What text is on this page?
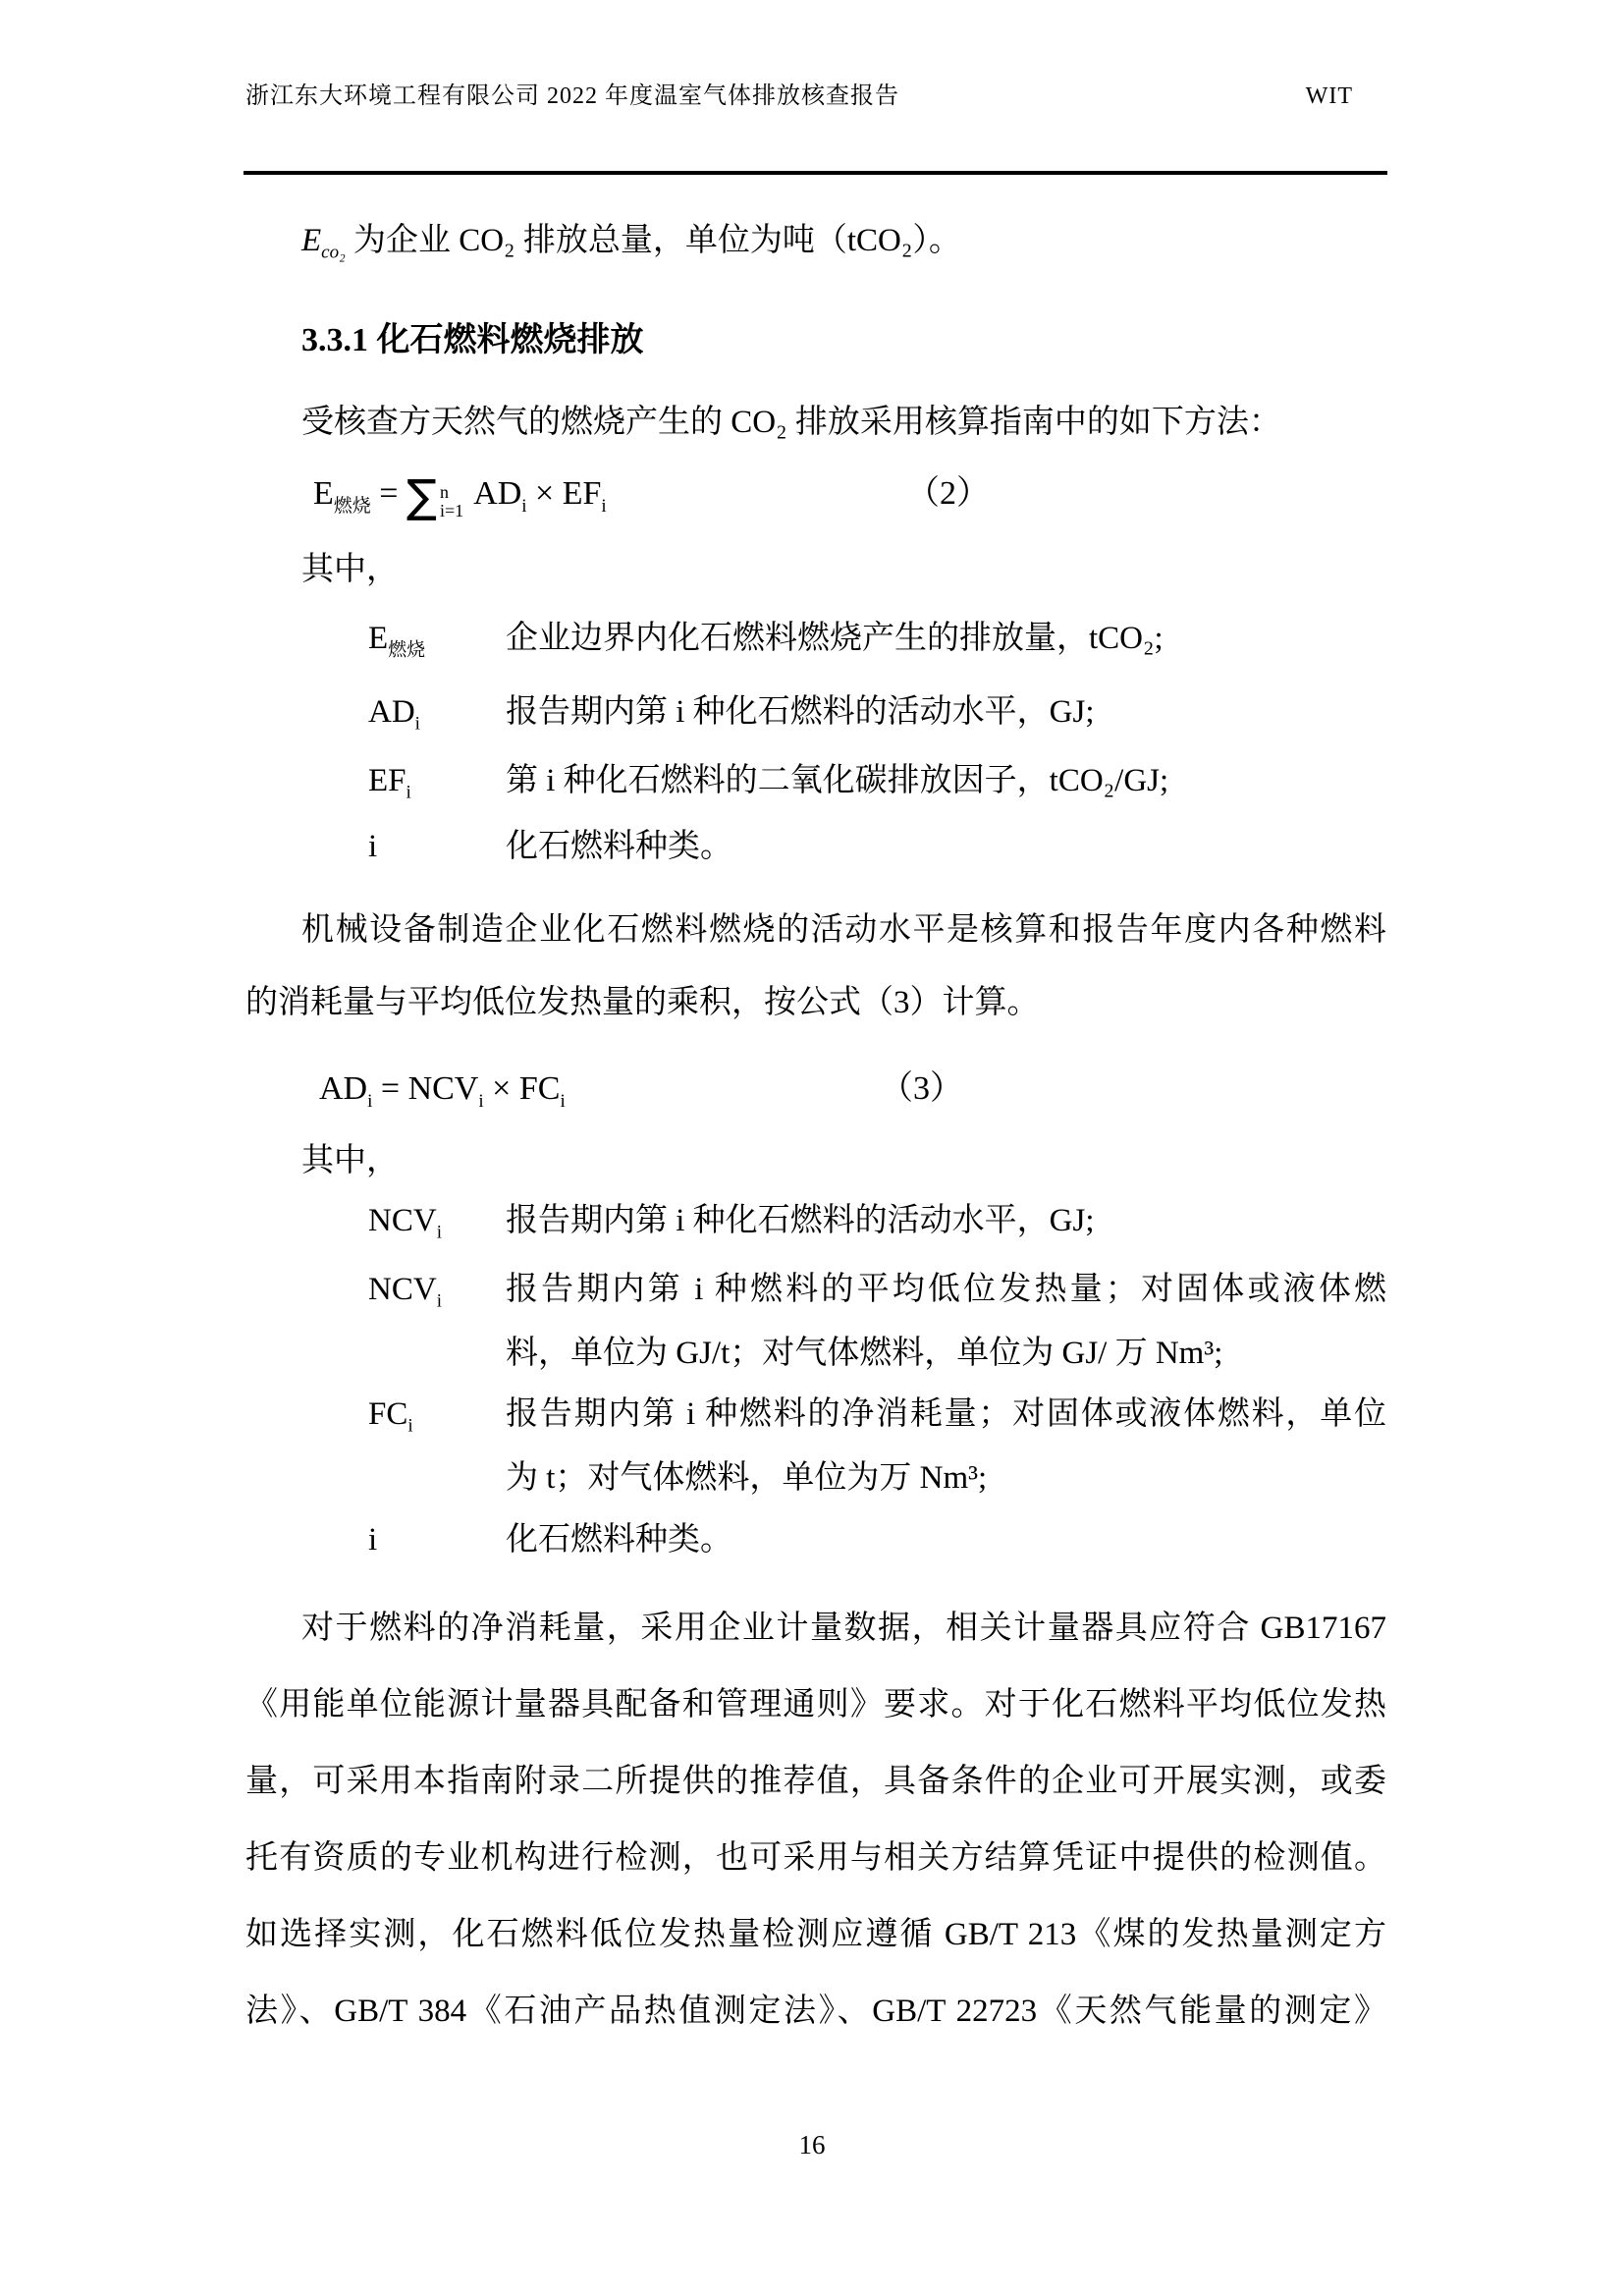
浙江东大环境工程有限公司 2022 年度温室气体排放核查报告	WIT
$E_{co_2}$ 为企业 CO₂ 排放总量，单位为吨（tCO₂）。
3.3.1 化石燃料燃烧排放
受核查方天然气的燃烧产生的 CO₂ 排放采用核算指南中的如下方法：
$E_{燃烧}$ = ∑ n
i=1 $AD_i \times EF_i$	（2）
其中，
$E_{燃烧}$ 企业边界内化石燃料燃烧产生的排放量，tCO₂;
$AD_i$	报告期内第 i 种化石燃料的活动水平，GJ;
$EF_i$	第 i 种化石燃料的二氧化碳排放因子，tCO₂/GJ;
i	化石燃料种类。
机械设备制造企业化石燃料燃烧的活动水平是核算和报告年度内各种燃料
的消耗量与平均低位发热量的乘积，按公式（3）计算。
$AD_i = NCV_i \times FC_i$	（3）
其中，
$NCV_i$ 报告期内第 i 种化石燃料的活动水平，GJ;
$NCV_i$ 报告期内第 i 种燃料的平均低位发热量；对固体或液体燃
料，单位为 GJ/t；对气体燃料，单位为 GJ/ 万 Nm³;
$FC_i$	报告期内第 i 种燃料的净消耗量；对固体或液体燃料，单位
为 t；对气体燃料，单位为万 Nm³;
i	化石燃料种类。
对于燃料的净消耗量，采用企业计量数据，相关计量器具应符合 GB17167
《用能单位能源计量器具配备和管理通则》要求。对于化石燃料平均低位发热
量，可采用本指南附录二所提供的推荐值，具备条件的企业可开展实测，或委
托有资质的专业机构进行检测，也可采用与相关方结算凭证中提供的检测值。
如选择实测，化石燃料低位发热量检测应遵循 GB/T 213《煤的发热量测定方
法》、GB/T 384《石油产品热值测定法》、GB/T 22723《天然气能量的测定》
16
